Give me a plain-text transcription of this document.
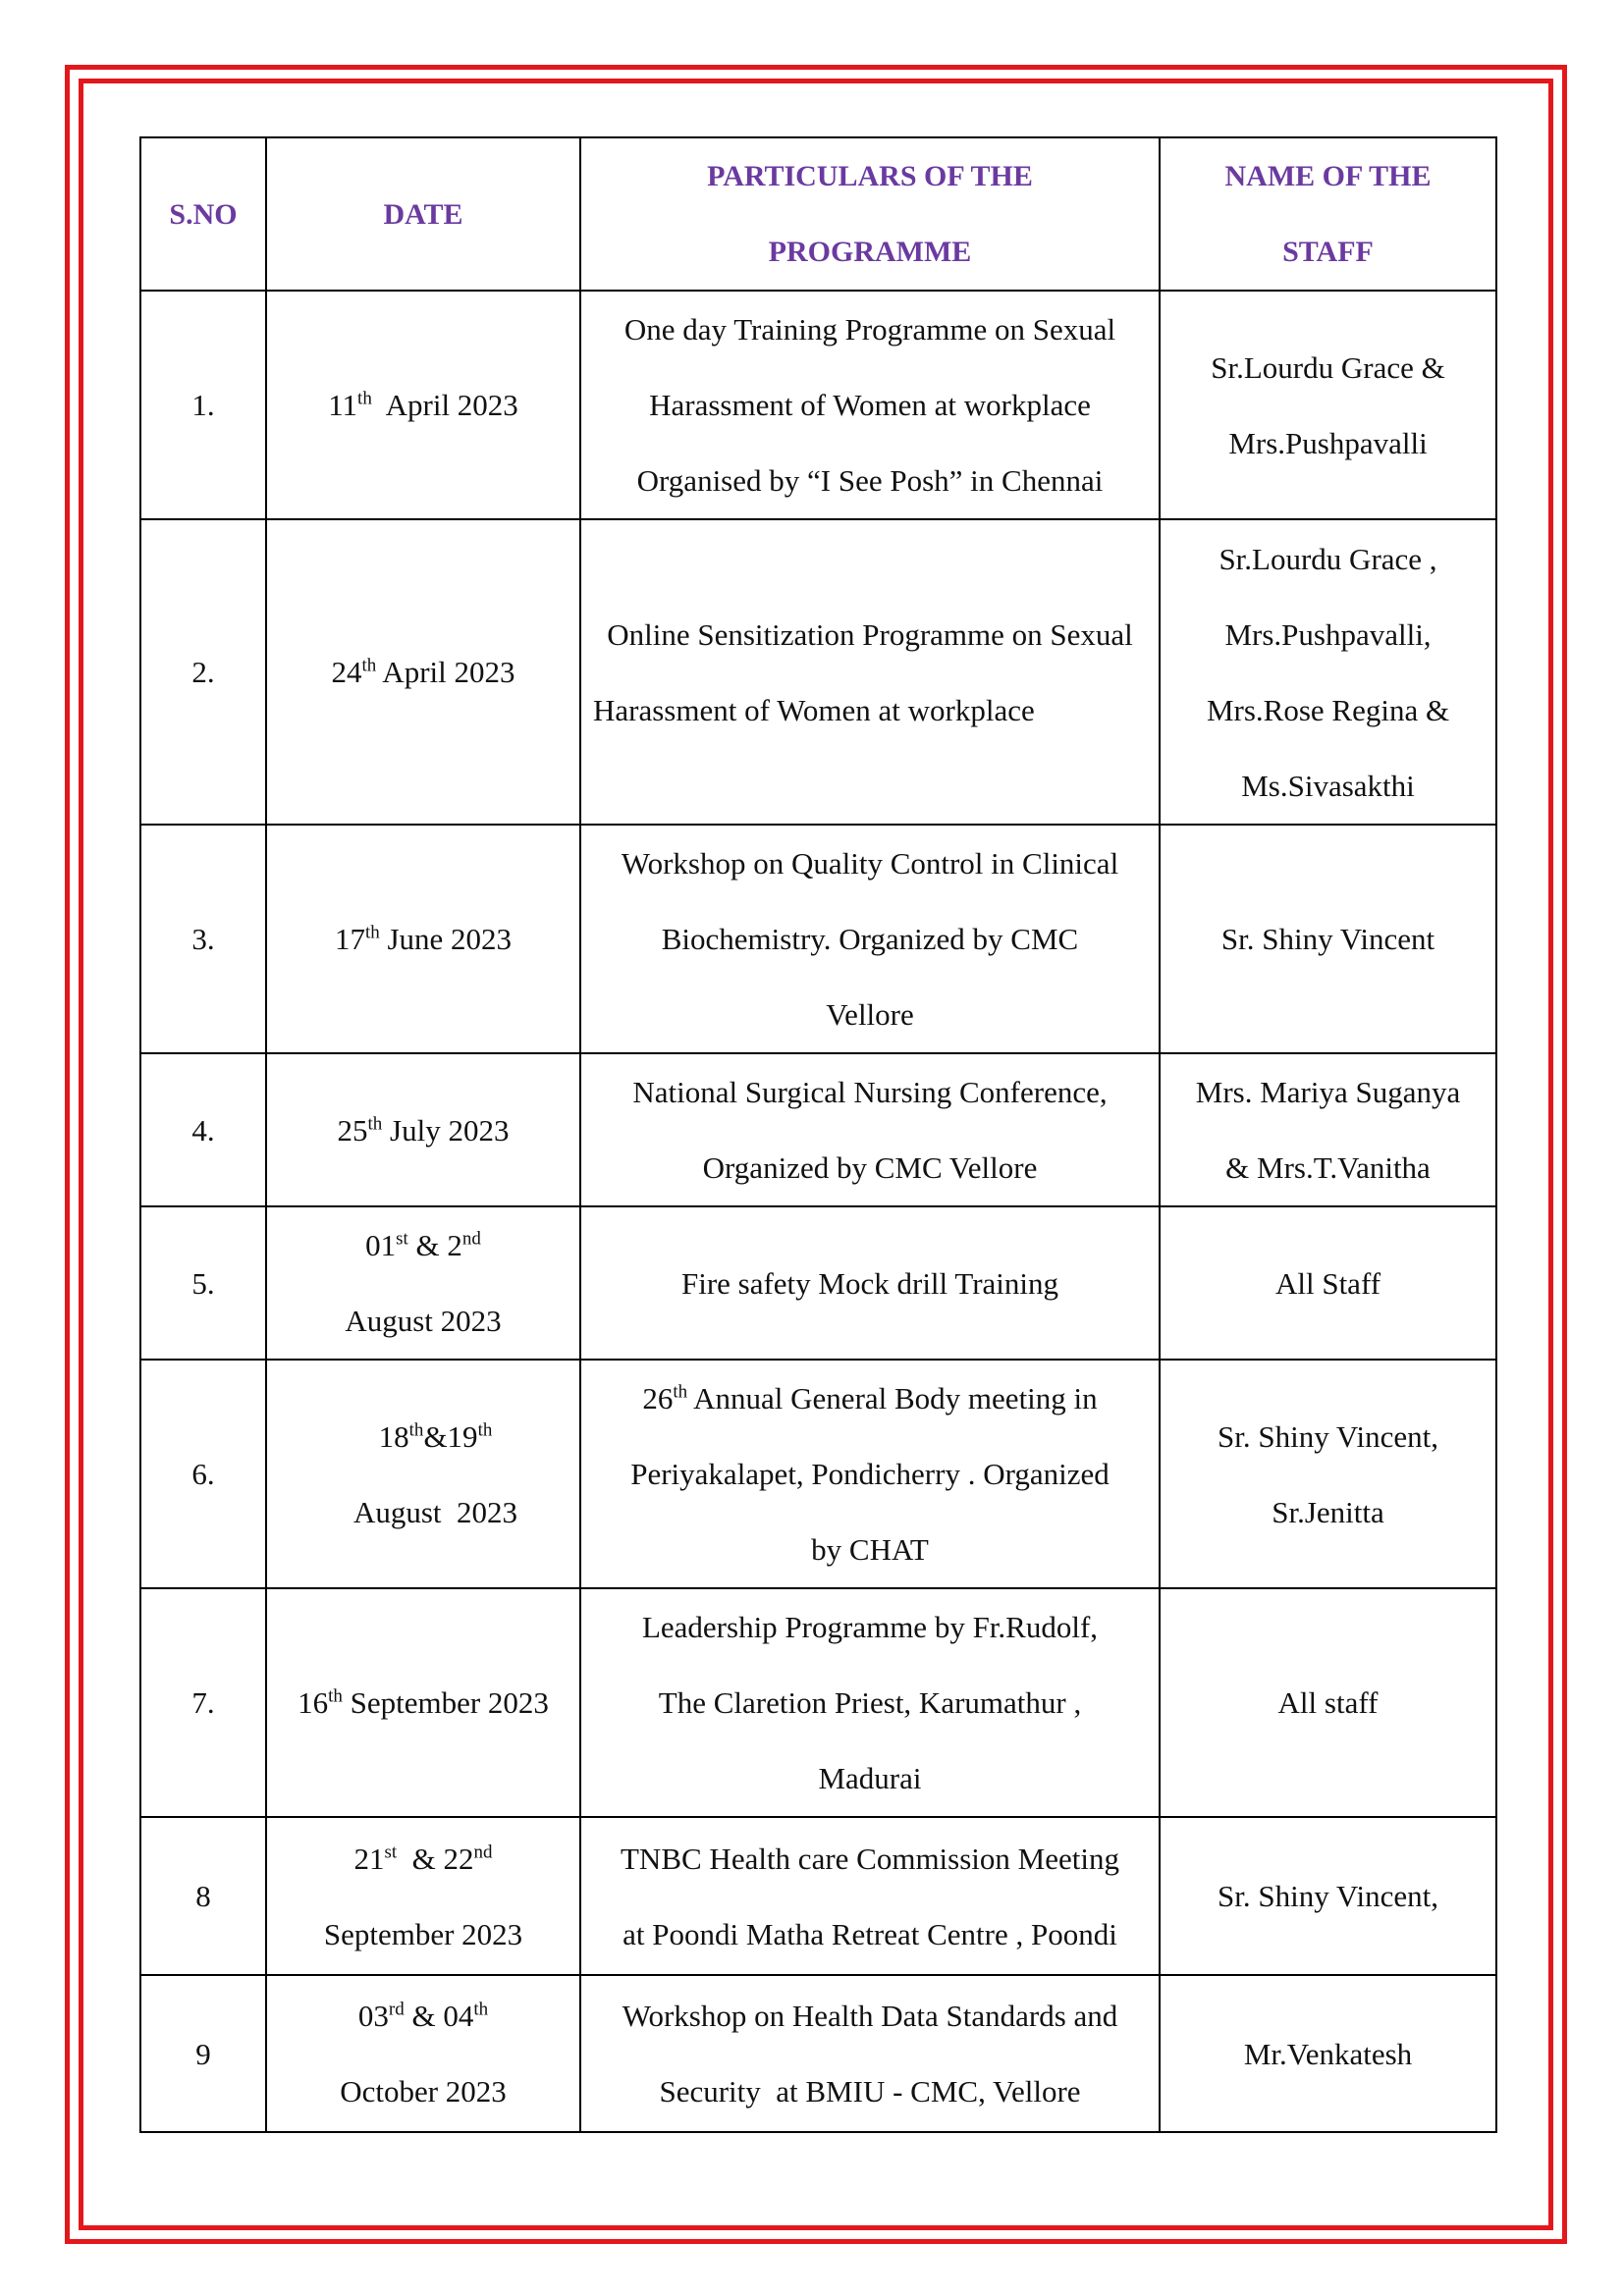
S.NO	DATE	PARTICULARS OF THE
PROGRAMME	NAME OF THE
STAFF

1.	11th  April 2023	One day Training Programme on Sexual
Harassment of Women at workplace
Organised by “I See Posh” in Chennai	Sr.Lourdu Grace &
Mrs.Pushpavalli

2.	24th April 2023	Online Sensitization Programme on Sexual Harassment of Women at workplace	Sr.Lourdu Grace ,
Mrs.Pushpavalli,
Mrs.Rose Regina &
Ms.Sivasakthi

3.	17th June 2023	Workshop on Quality Control in Clinical
Biochemistry. Organized by CMC
Vellore	Sr. Shiny Vincent

4.	25th July 2023	National Surgical Nursing Conference,
Organized by CMC Vellore	Mrs. Mariya Suganya
& Mrs.T.Vanitha

5.	01st & 2nd
August 2023	Fire safety Mock drill Training	All Staff

6.	18th&19th
August  2023	26th Annual General Body meeting in
Periyakalapet, Pondicherry . Organized
by CHAT	Sr. Shiny Vincent,
Sr.Jenitta

7.	16th September 2023	Leadership Programme by Fr.Rudolf,
The Claretion Priest, Karumathur ,
Madurai	All staff

8	21st  & 22nd
September 2023	TNBC Health care Commission Meeting
at Poondi Matha Retreat Centre , Poondi	Sr. Shiny Vincent,

9	03rd & 04th
October 2023	Workshop on Health Data Standards and
Security  at BMIU - CMC, Vellore	Mr.Venkatesh
